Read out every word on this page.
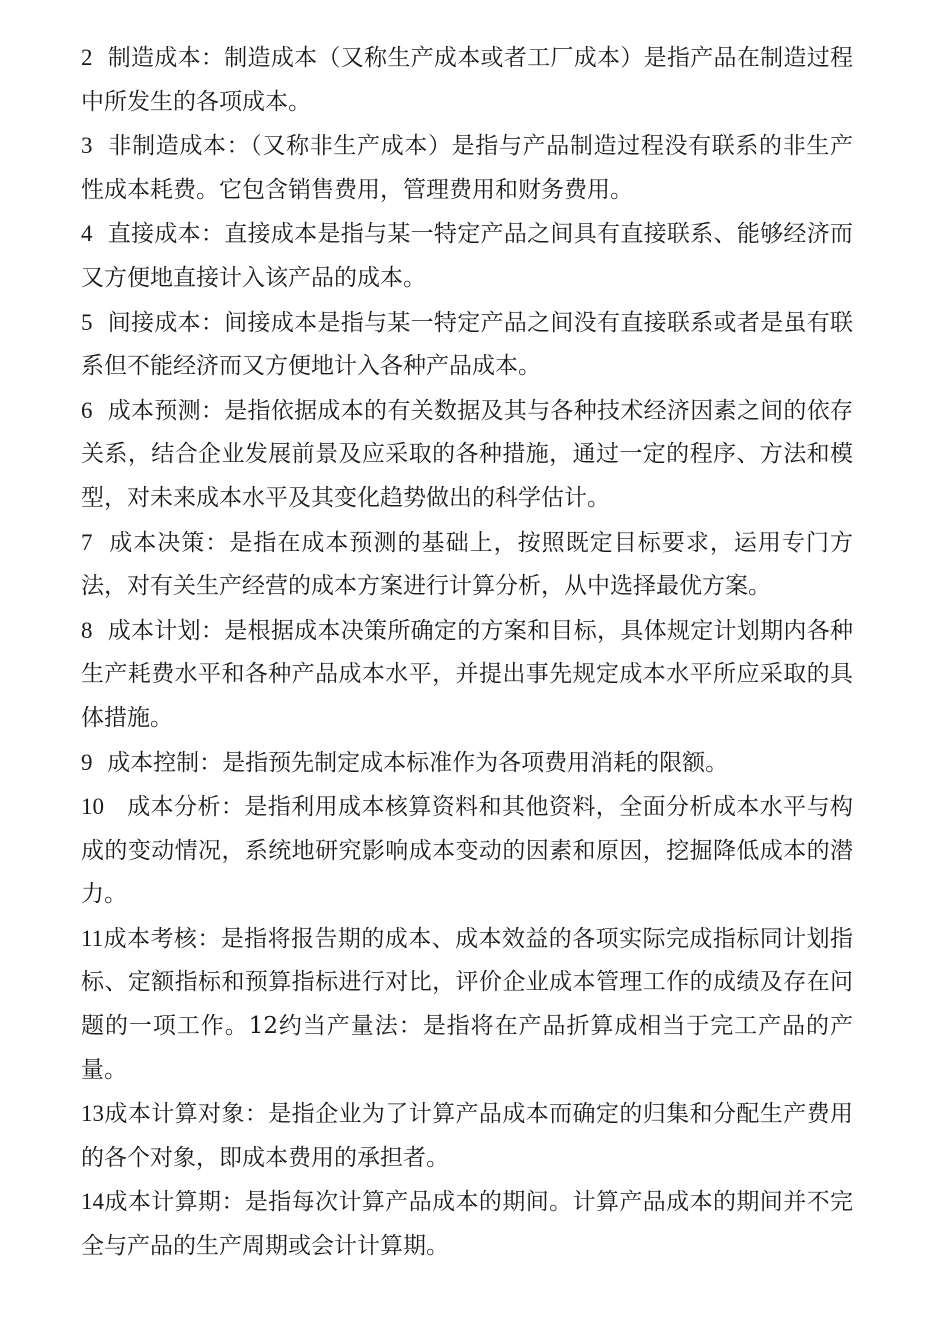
2 制造成本：制造成本（又称生产成本或者工厂成本）是指产品在制造过程中所发生的各项成本。

3 非制造成本：（又称非生产成本）是指与产品制造过程没有联系的非生产性成本耗费。它包含销售费用，管理费用和财务费用。

4 直接成本：直接成本是指与某一特定产品之间具有直接联系、能够经济而又方便地直接计入该产品的成本。

5 间接成本：间接成本是指与某一特定产品之间没有直接联系或者是虽有联系但不能经济而又方便地计入各种产品成本。

6 成本预测：是指依据成本的有关数据及其与各种技术经济因素之间的依存关系，结合企业发展前景及应采取的各种措施，通过一定的程序、方法和模型，对未来成本水平及其变化趋势做出的科学估计。

7 成本决策：是指在成本预测的基础上，按照既定目标要求，运用专门方法，对有关生产经营的成本方案进行计算分析，从中选择最优方案。

8 成本计划：是根据成本决策所确定的方案和目标，具体规定计划期内各种生产耗费水平和各种产品成本水平，并提出事先规定成本水平所应采取的具体措施。

9 成本控制：是指预先制定成本标准作为各项费用消耗的限额。

10 成本分析：是指利用成本核算资料和其他资料，全面分析成本水平与构成的变动情况，系统地研究影响成本变动的因素和原因，挖掘降低成本的潜力。

11成本考核：是指将报告期的成本、成本效益的各项实际完成指标同计划指标、定额指标和预算指标进行对比，评价企业成本管理工作的成绩及存在问题的一项工作。12约当产量法：是指将在产品折算成相当于完工产品的产量。

13成本计算对象：是指企业为了计算产品成本而确定的归集和分配生产费用的各个对象，即成本费用的承担者。

14成本计算期：是指每次计算产品成本的期间。计算产品成本的期间并不完全与产品的生产周期或会计计算期。
